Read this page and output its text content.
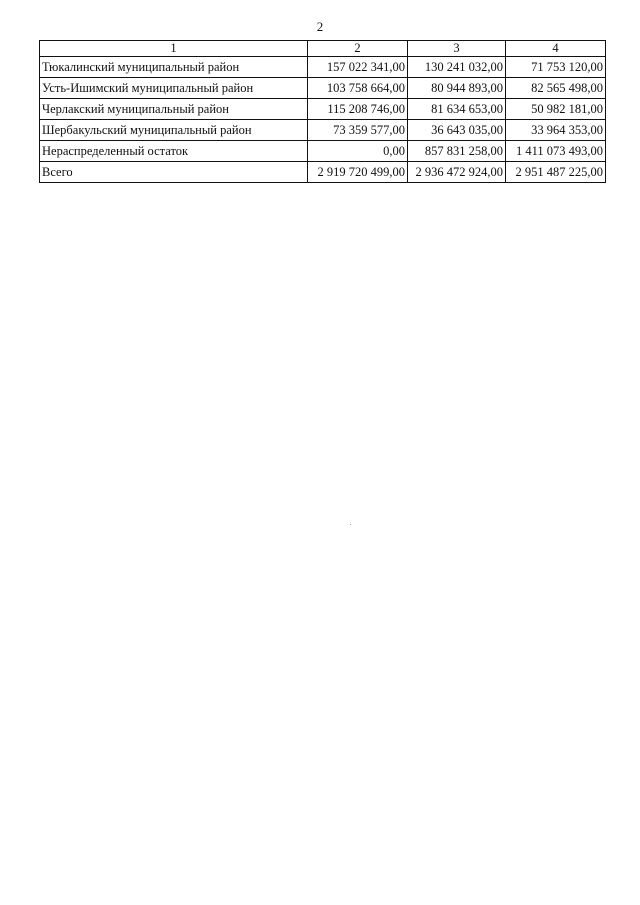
2
1	2	3	4
Тюкалинский муниципальный район	157 022 341,00	130 241 032,00	71 753 120,00
Усть-Ишимский муниципальный район	103 758 664,00	80 944 893,00	82 565 498,00
Черлакский муниципальный район	115 208 746,00	81 634 653,00	50 982 181,00
Шербакульский муниципальный район	73 359 577,00	36 643 035,00	33 964 353,00
Нераспределенный остаток	0,00	857 831 258,00	1 411 073 493,00
Всего	2 919 720 499,00	2 936 472 924,00	2 951 487 225,00
